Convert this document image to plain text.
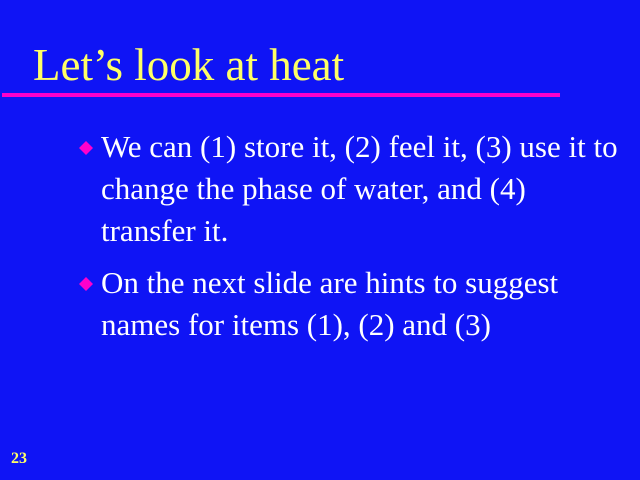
Let’s look at heat
We can (1) store it, (2) feel it, (3) use it to change the phase of water, and (4) transfer it.
On the next slide are hints to suggest names for items (1), (2) and (3)
23
